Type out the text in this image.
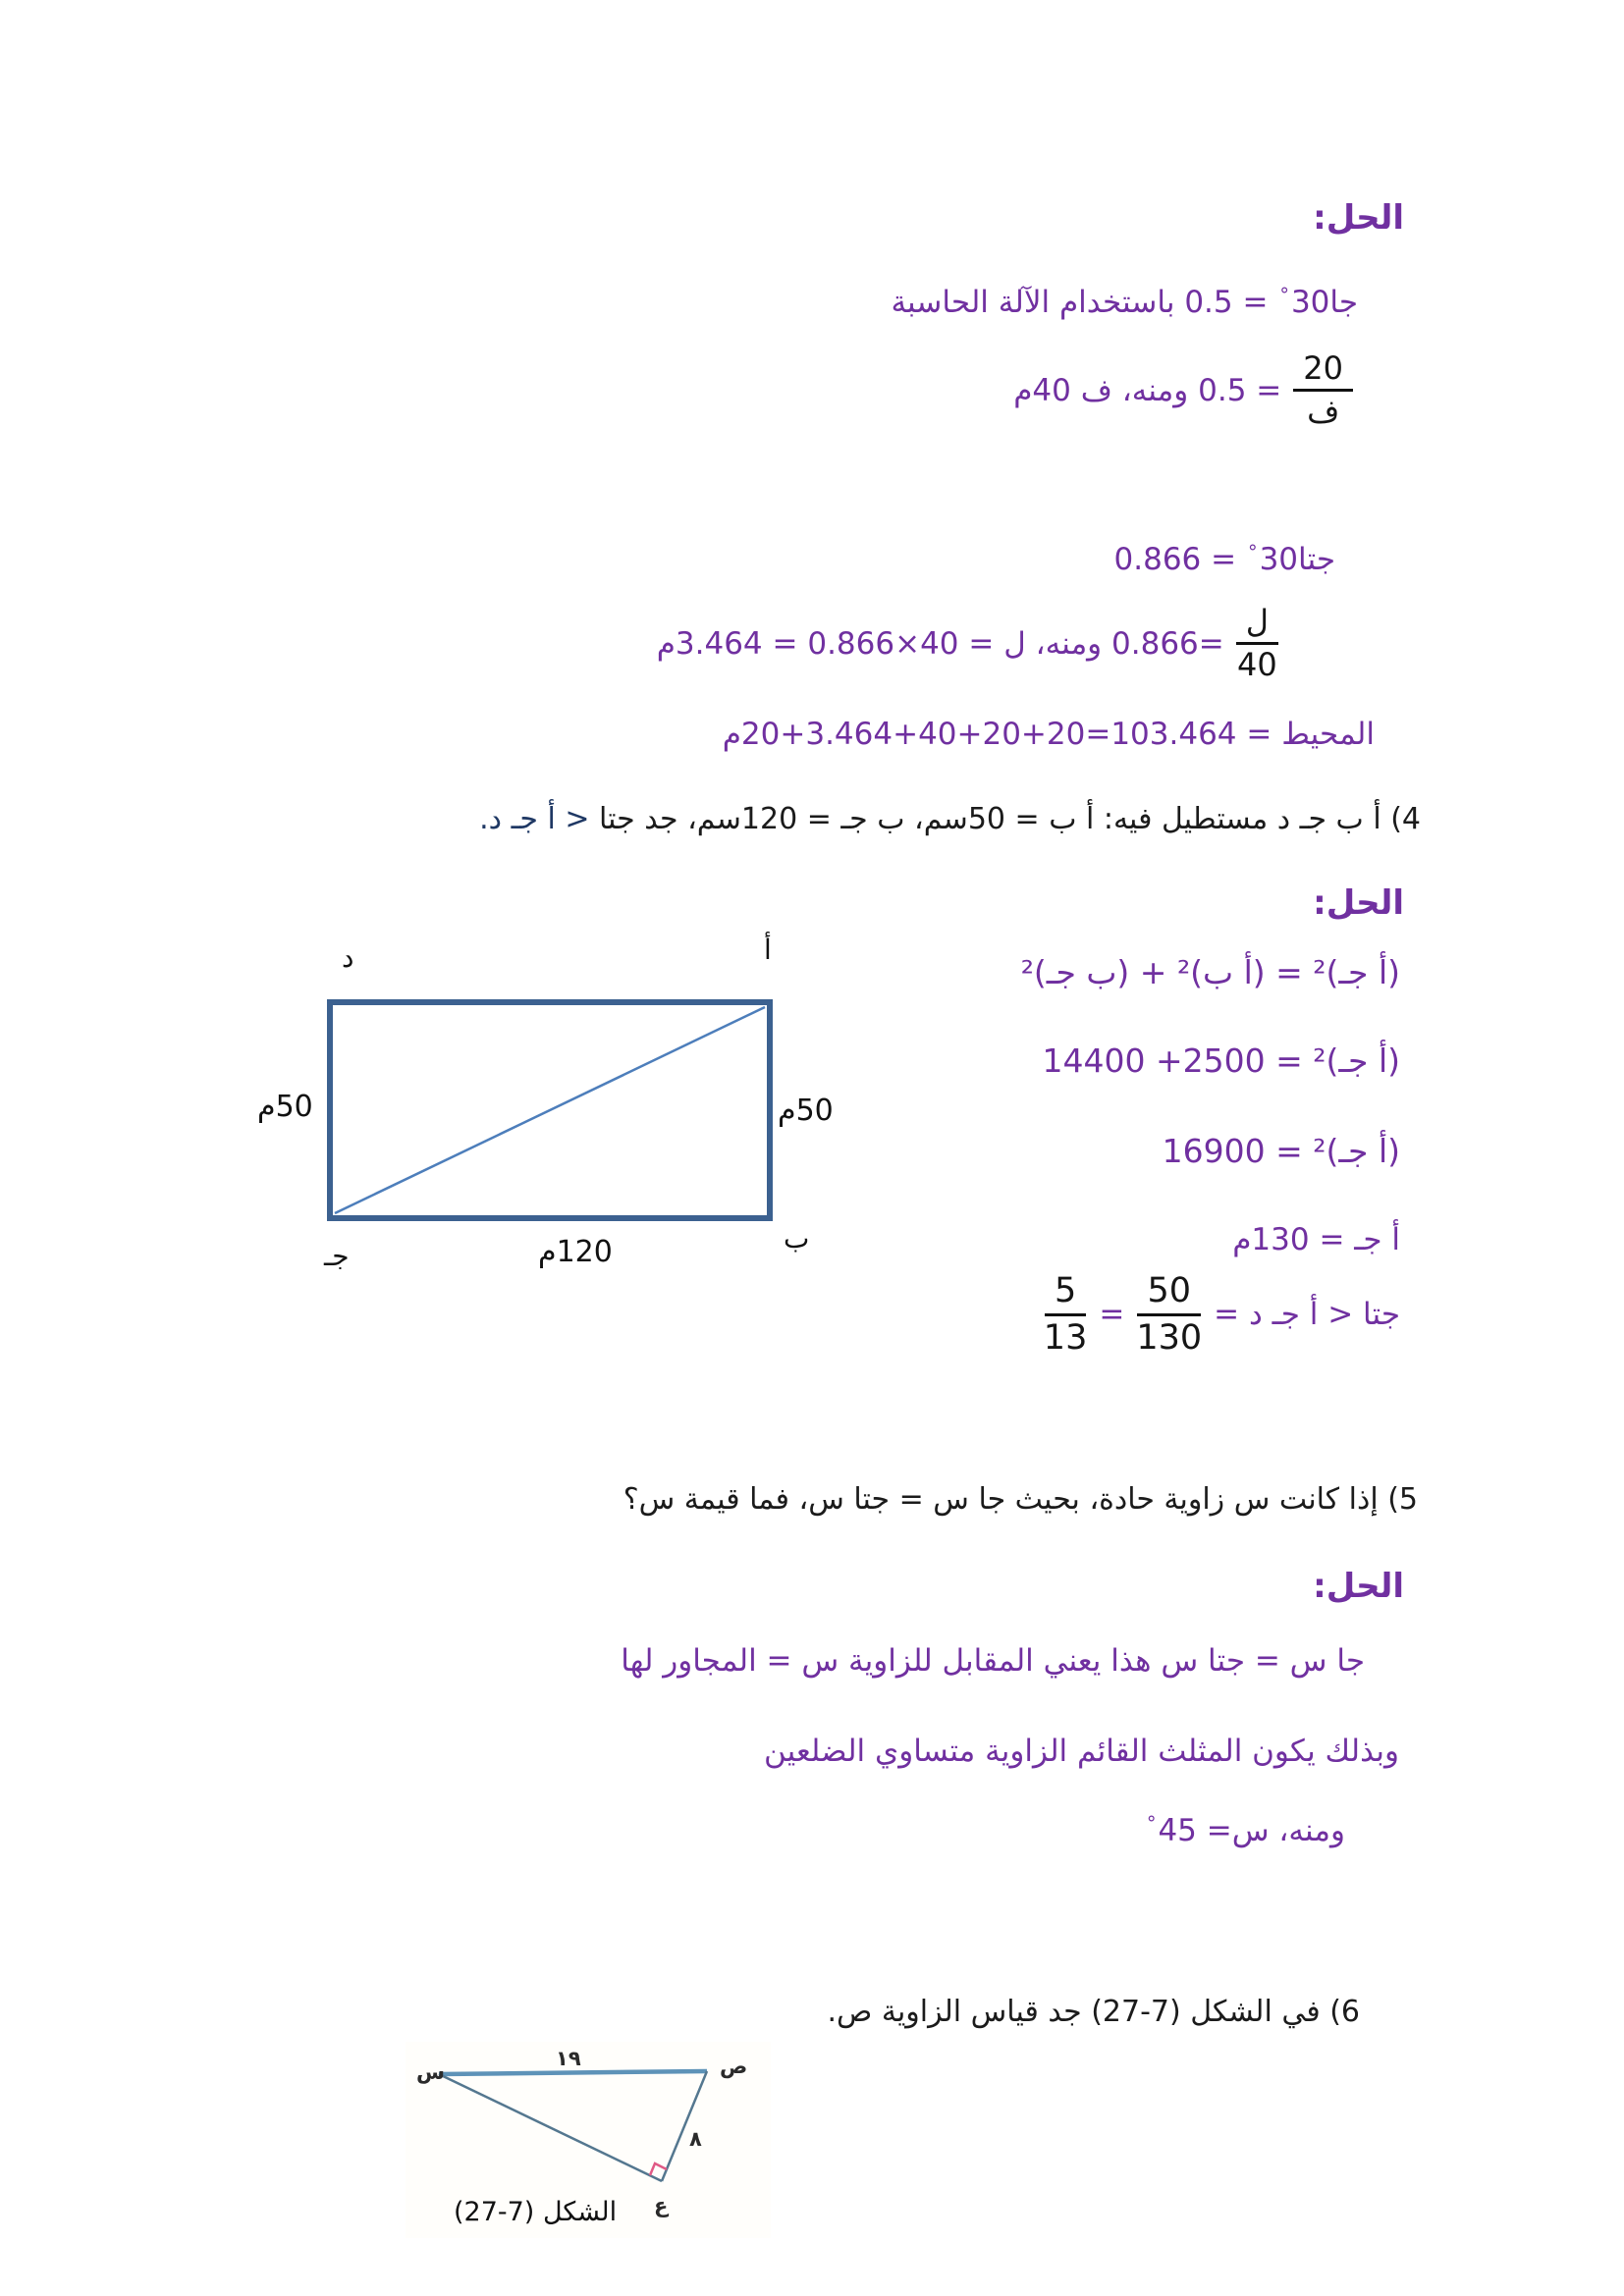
الحل:
جا30° = 0.5 باستخدام الآلة الحاسبة
$\frac{20}{\text{ف}}$
= 0.5 ومنه، ف 40م
جتا30° = 0.866
$\frac{\text{ل}}{40}$
=0.866 ومنه، ل = 40×0.866 = 3.464م
المحيط = 20+3.464+40+20+20=103.464م
4) أ ب جـ د مستطيل فيه: أ ب = 50سم، ب جـ = 120سم، جد جتا < أ جـ د.
الحل:
(أ جـ)² = (أ ب)² + (ب جـ)²
(أ جـ)² = 14400 +2500
(أ جـ)² = 16900
أ جـ = 130م
جتا < أ جـ د =
$\frac{50}{130}$
=
$\frac{5}{13}$
د	أ
جـ
ب
50م	50م
120م
5) إذا كانت س زاوية حادة، بحيث جا س = جتا س، فما قيمة س؟
الحل:
جا س = جتا س هذا يعني المقابل للزاوية س = المجاور لها
وبذلك يكون المثلث القائم الزاوية متساوي الضلعين
ومنه، س= 45°
6) في الشكل (27-7) جد قياس الزاوية ص.
س	ص
ع
١٩
٨
الشكل (27-7)
